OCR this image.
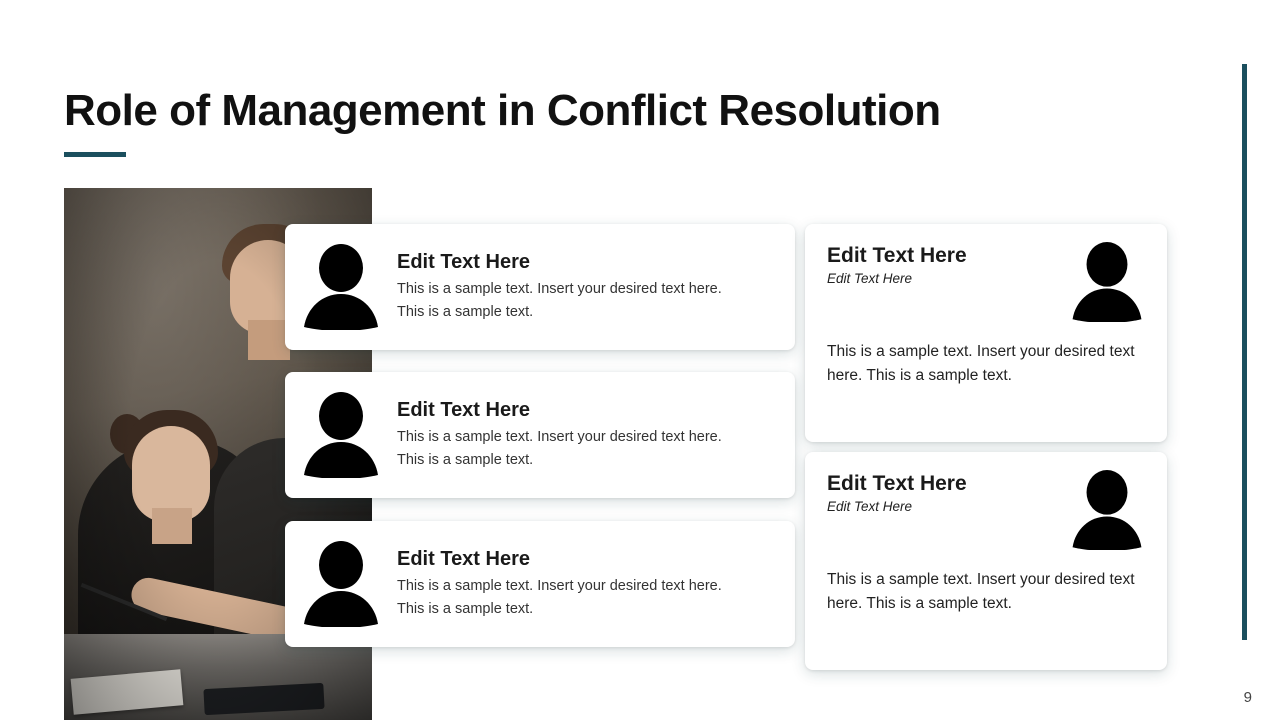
Role of Management in Conflict Resolution
9
Edit Text Here

This is a sample text. Insert your desired text here. This is a sample text.

Edit Text Here

This is a sample text. Insert your desired text here. This is a sample text.

Edit Text Here

This is a sample text. Insert your desired text here. This is a sample text.

Edit Text Here

Edit Text Here

This is a sample text. Insert your desired text here. This is a sample text.

Edit Text Here

Edit Text Here

This is a sample text. Insert your desired text here. This is a sample text.
